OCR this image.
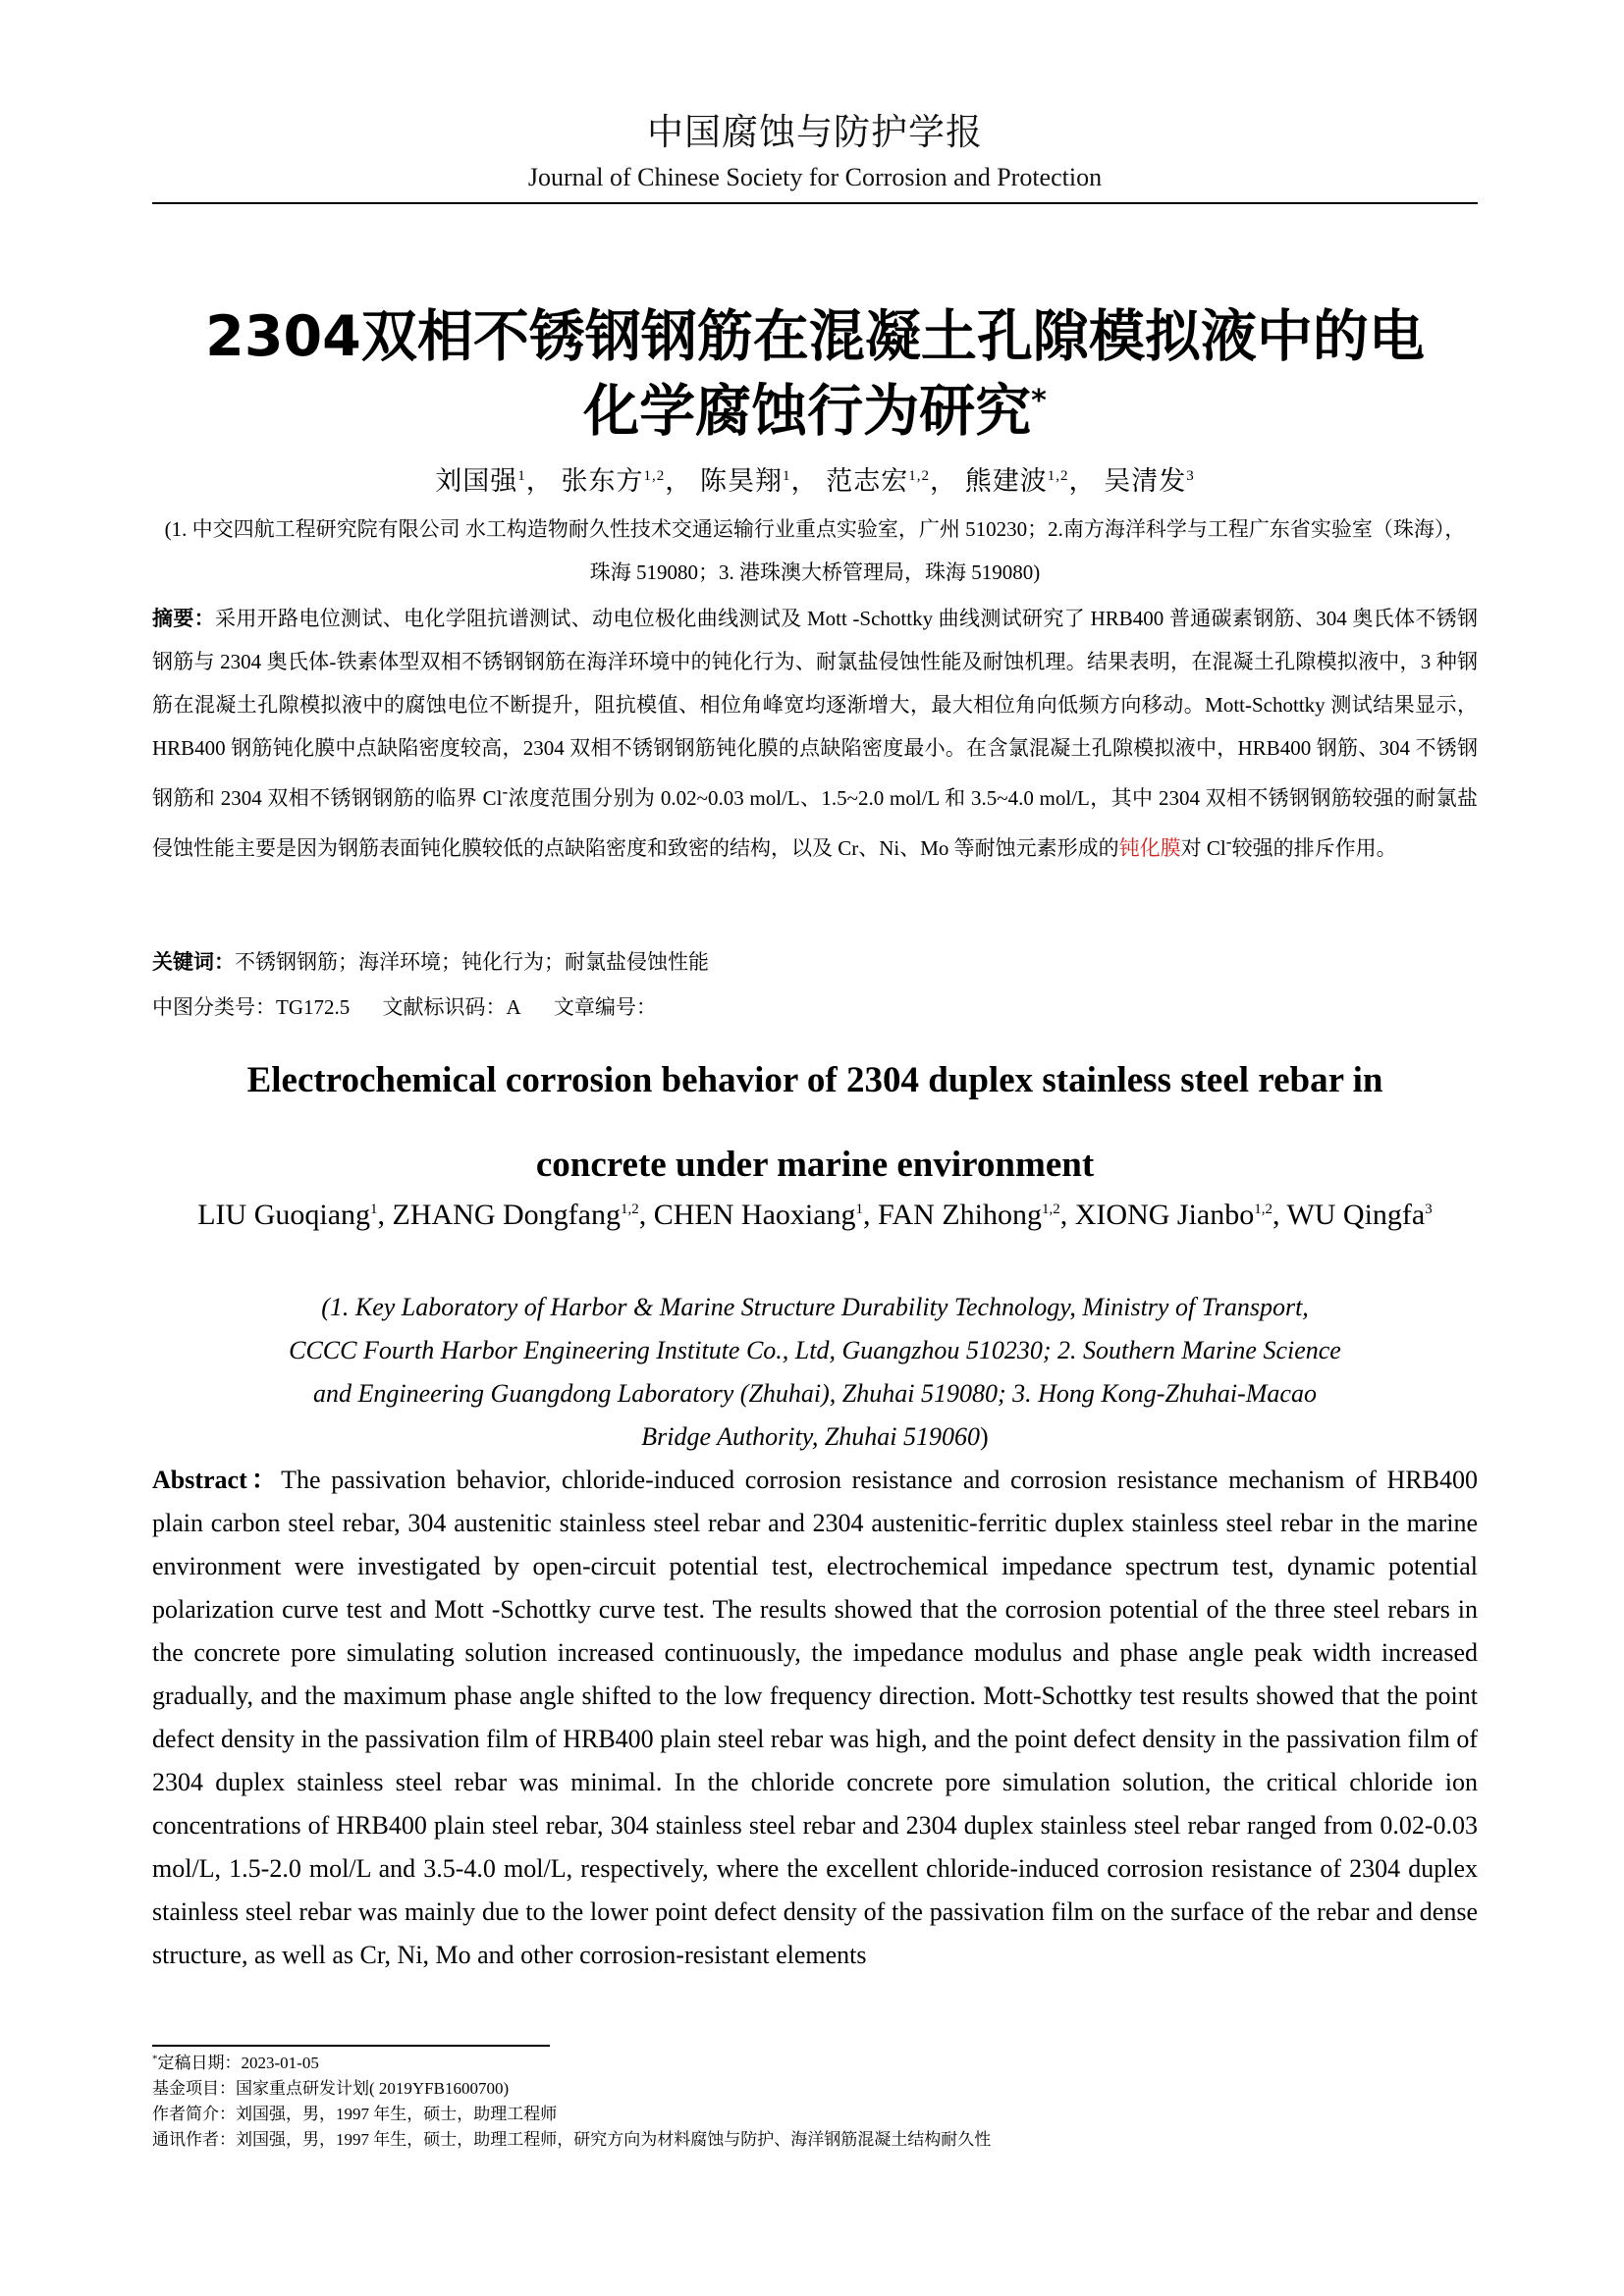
中国腐蚀与防护学报
Journal of Chinese Society for Corrosion and Protection
2304双相不锈钢钢筋在混凝土孔隙模拟液中的电
化学腐蚀行为研究*
刘国强$^1$， 张东方$^{1,2}$， 陈昊翔$^1$， 范志宏$^{1,2}$， 熊建波$^{1,2}$， 吴清发$^3$
(1. 中交四航工程研究院有限公司 水工构造物耐久性技术交通运输行业重点实验室，广州 510230；2.南方海洋科学与工程广东省实验室（珠海），珠海 519080；3. 港珠澳大桥管理局，珠海 519080)
摘要：采用开路电位测试、电化学阻抗谱测试、动电位极化曲线测试及 Mott -Schottky 曲线测试研究了 HRB400 普通碳素钢筋、304 奥氏体不锈钢钢筋与 2304 奥氏体-铁素体型双相不锈钢钢筋在海洋环境中的钝化行为、耐氯盐侵蚀性能及耐蚀机理。结果表明，在混凝土孔隙模拟液中，3 种钢筋在混凝土孔隙模拟液中的腐蚀电位不断提升，阻抗模值、相位角峰宽均逐渐增大，最大相位角向低频方向移动。Mott-Schottky 测试结果显示，HRB400 钢筋钝化膜中点缺陷密度较高，2304 双相不锈钢钢筋钝化膜的点缺陷密度最小。在含氯混凝土孔隙模拟液中，HRB400 钢筋、304 不锈钢钢筋和 2304 双相不锈钢钢筋的临界 Cl-浓度范围分别为 0.02~0.03 mol/L、1.5~2.0 mol/L 和 3.5~4.0 mol/L，其中 2304 双相不锈钢钢筋较强的耐氯盐侵蚀性能主要是因为钢筋表面钝化膜较低的点缺陷密度和致密的结构，以及 Cr、Ni、Mo 等耐蚀元素形成的钝化膜对 Cl-较强的排斥作用。
关键词：不锈钢钢筋；海洋环境；钝化行为；耐氯盐侵蚀性能
中图分类号：TG172.5 文献标识码：A 文章编号：
Electrochemical corrosion behavior of 2304 duplex stainless steel rebar in
concrete under marine environment
LIU Guoqiang$^1$, ZHANG Dongfang$^{1,2}$, CHEN Haoxiang$^1$, FAN Zhihong$^{1,2}$, XIONG Jianbo$^{1,2}$, WU Qingfa$^3$
(1. Key Laboratory of Harbor & Marine Structure Durability Technology, Ministry of Transport,
CCCC Fourth Harbor Engineering Institute Co., Ltd, Guangzhou 510230; 2. Southern Marine Science
and Engineering Guangdong Laboratory (Zhuhai), Zhuhai 519080; 3. Hong Kong-Zhuhai-Macao
Bridge Authority, Zhuhai 519060)
Abstract：The passivation behavior, chloride-induced corrosion resistance and corrosion resistance mechanism of HRB400 plain carbon steel rebar, 304 austenitic stainless steel rebar and 2304 austenitic-ferritic duplex stainless steel rebar in the marine environment were investigated by open-circuit potential test, electrochemical impedance spectrum test, dynamic potential polarization curve test and Mott -Schottky curve test. The results showed that the corrosion potential of the three steel rebars in the concrete pore simulating solution increased continuously, the impedance modulus and phase angle peak width increased gradually, and the maximum phase angle shifted to the low frequency direction. Mott-Schottky test results showed that the point defect density in the passivation film of HRB400 plain steel rebar was high, and the point defect density in the passivation film of 2304 duplex stainless steel rebar was minimal. In the chloride concrete pore simulation solution, the critical chloride ion concentrations of HRB400 plain steel rebar, 304 stainless steel rebar and 2304 duplex stainless steel rebar ranged from 0.02-0.03 mol/L, 1.5-2.0 mol/L and 3.5-4.0 mol/L, respectively, where the excellent chloride-induced corrosion resistance of 2304 duplex stainless steel rebar was mainly due to the lower point defect density of the passivation film on the surface of the rebar and dense structure, as well as Cr, Ni, Mo and other corrosion-resistant elements
*定稿日期：2023-01-05
基金项目：国家重点研发计划( 2019YFB1600700)
作者简介：刘国强，男，1997 年生，硕士，助理工程师
通讯作者：刘国强，男，1997 年生，硕士，助理工程师，研究方向为材料腐蚀与防护、海洋钢筋混凝土结构耐久性
